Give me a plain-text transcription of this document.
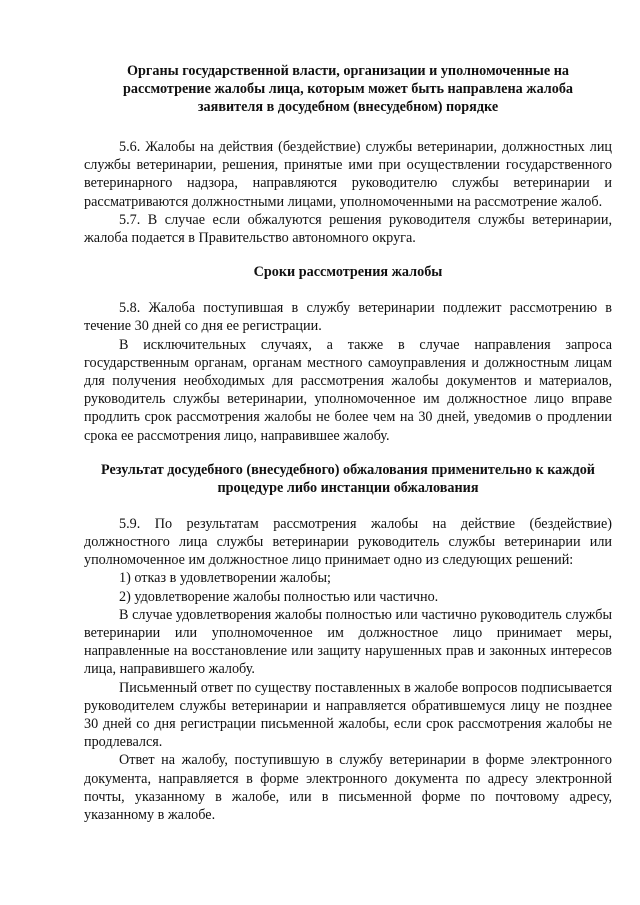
Органы государственной власти, организации и уполномоченные на рассмотрение жалобы лица, которым может быть направлена жалоба заявителя в досудебном (внесудебном) порядке

5.6. Жалобы на действия (бездействие) службы ветеринарии, должностных лиц службы ветеринарии, решения, принятые ими при осуществлении государственного ветеринарного надзора, направляются руководителю службы ветеринарии и рассматриваются должностными лицами, уполномоченными на рассмотрение жалоб.

5.7. В случае если обжалуются решения руководителя службы ветеринарии, жалоба подается в Правительство автономного округа.

Сроки рассмотрения жалобы

5.8. Жалоба поступившая в службу ветеринарии подлежит рассмотрению в течение 30 дней со дня ее регистрации.

В исключительных случаях, а также в случае направления запроса государственным органам, органам местного самоуправления и должностным лицам для получения необходимых для рассмотрения жалобы документов и материалов, руководитель службы ветеринарии, уполномоченное им должностное лицо вправе продлить срок рассмотрения жалобы не более чем на 30 дней, уведомив о продлении срока ее рассмотрения лицо, направившее жалобу.

Результат досудебного (внесудебного) обжалования применительно к каждой процедуре либо инстанции обжалования

5.9. По результатам рассмотрения жалобы на действие (бездействие) должностного лица службы ветеринарии руководитель службы ветеринарии или уполномоченное им должностное лицо принимает одно из следующих решений:

1) отказ в удовлетворении жалобы;

2) удовлетворение жалобы полностью или частично.

В случае удовлетворения жалобы полностью или частично руководитель службы ветеринарии или уполномоченное им должностное лицо принимает меры, направленные на восстановление или защиту нарушенных прав и законных интересов лица, направившего жалобу.

Письменный ответ по существу поставленных в жалобе вопросов подписывается руководителем службы ветеринарии и направляется обратившемуся лицу не позднее 30 дней со дня регистрации письменной жалобы, если срок рассмотрения жалобы не продлевался.

Ответ на жалобу, поступившую в службу ветеринарии в форме электронного документа, направляется в форме электронного документа по адресу электронной почты, указанному в жалобе, или в письменной форме по почтовому адресу, указанному в жалобе.
